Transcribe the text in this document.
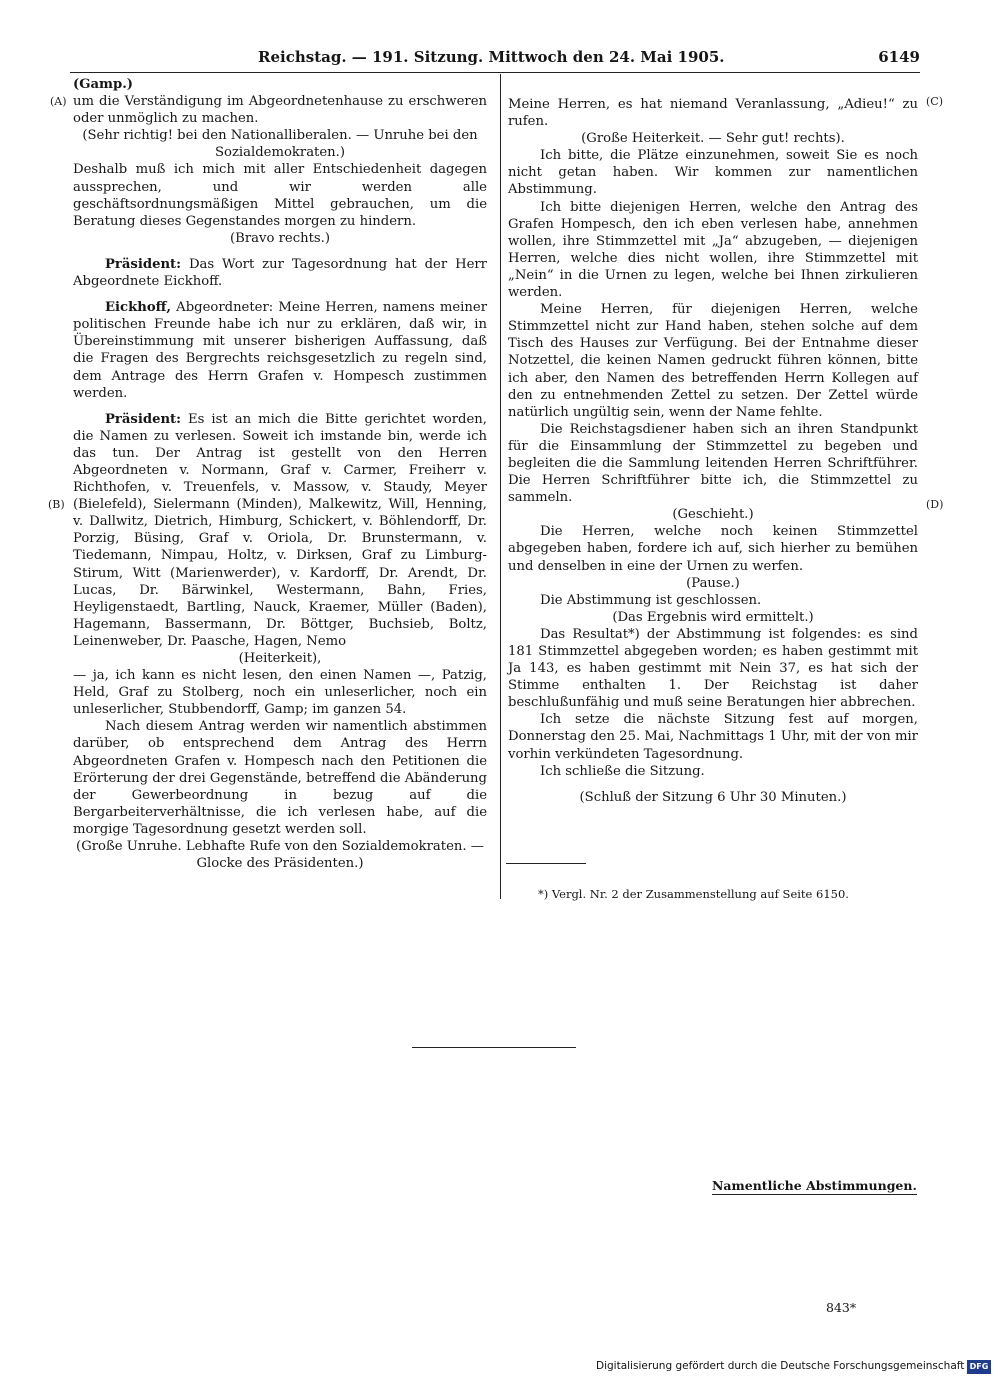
Reichstag. — 191. Sitzung. Mittwoch den 24. Mai 1905.	6149
(A)
(B)
(C)
(D)

(Gamp.)

um die Verständigung im Abgeordnetenhause zu erschweren oder unmöglich zu machen.

(Sehr richtig! bei den Nationalliberalen. — Unruhe bei den Sozialdemokraten.)

Deshalb muß ich mich mit aller Entschiedenheit dagegen aussprechen, und wir werden alle geschäftsordnungsmäßigen Mittel gebrauchen, um die Beratung dieses Gegenstandes morgen zu hindern.

(Bravo rechts.)

Präsident: Das Wort zur Tagesordnung hat der Herr Abgeordnete Eickhoff.

Eickhoff, Abgeordneter: Meine Herren, namens meiner politischen Freunde habe ich nur zu erklären, daß wir, in Übereinstimmung mit unserer bisherigen Auffassung, daß die Fragen des Bergrechts reichsgesetzlich zu regeln sind, dem Antrage des Herrn Grafen v. Hompesch zustimmen werden.

Präsident: Es ist an mich die Bitte gerichtet worden, die Namen zu verlesen. Soweit ich imstande bin, werde ich das tun. Der Antrag ist gestellt von den Herren Abgeordneten v. Normann, Graf v. Carmer, Freiherr v. Richthofen, v. Treuenfels, v. Massow, v. Staudy, Meyer (Bielefeld), Sielermann (Minden), Malkewitz, Will, Henning, v. Dallwitz, Dietrich, Himburg, Schickert, v. Böhlendorff, Dr. Porzig, Büsing, Graf v. Oriola, Dr. Brunstermann, v. Tiedemann, Nimpau, Holtz, v. Dirksen, Graf zu Limburg-Stirum, Witt (Marienwerder), v. Kardorff, Dr. Arendt, Dr. Lucas, Dr. Bärwinkel, Westermann, Bahn, Fries, Heyligenstaedt, Bartling, Nauck, Kraemer, Müller (Baden), Hagemann, Bassermann, Dr. Böttger, Buchsieb, Boltz, Leinenweber, Dr. Paasche, Hagen, Nemo

(Heiterkeit),

— ja, ich kann es nicht lesen, den einen Namen —, Patzig, Held, Graf zu Stolberg, noch ein unleserlicher, noch ein unleserlicher, Stubbendorff, Gamp; im ganzen 54.

Nach diesem Antrag werden wir namentlich abstimmen darüber, ob entsprechend dem Antrag des Herrn Abgeordneten Grafen v. Hompesch nach den Petitionen die Erörterung der drei Gegenstände, betreffend die Abänderung der Gewerbeordnung in bezug auf die Bergarbeiterverhältnisse, die ich verlesen habe, auf die morgige Tagesordnung gesetzt werden soll.

(Große Unruhe. Lebhafte Rufe von den Sozialdemokraten. — Glocke des Präsidenten.)

Meine Herren, es hat niemand Veranlassung, „Adieu!“ zu rufen.

(Große Heiterkeit. — Sehr gut! rechts).

Ich bitte, die Plätze einzunehmen, soweit Sie es noch nicht getan haben. Wir kommen zur namentlichen Abstimmung.

Ich bitte diejenigen Herren, welche den Antrag des Grafen Hompesch, den ich eben verlesen habe, annehmen wollen, ihre Stimmzettel mit „Ja“ abzugeben, — diejenigen Herren, welche dies nicht wollen, ihre Stimmzettel mit „Nein“ in die Urnen zu legen, welche bei Ihnen zirkulieren werden.

Meine Herren, für diejenigen Herren, welche Stimmzettel nicht zur Hand haben, stehen solche auf dem Tisch des Hauses zur Verfügung. Bei der Entnahme dieser Notzettel, die keinen Namen gedruckt führen können, bitte ich aber, den Namen des betreffenden Herrn Kollegen auf den zu entnehmenden Zettel zu setzen. Der Zettel würde natürlich ungültig sein, wenn der Name fehlte.

Die Reichstagsdiener haben sich an ihren Standpunkt für die Einsammlung der Stimmzettel zu begeben und begleiten die die Sammlung leitenden Herren Schriftführer. Die Herren Schriftführer bitte ich, die Stimmzettel zu sammeln.

(Geschieht.)

Die Herren, welche noch keinen Stimmzettel abgegeben haben, fordere ich auf, sich hierher zu bemühen und denselben in eine der Urnen zu werfen.

(Pause.)

Die Abstimmung ist geschlossen.

(Das Ergebnis wird ermittelt.)

Das Resultat*) der Abstimmung ist folgendes: es sind 181 Stimmzettel abgegeben worden; es haben gestimmt mit Ja 143, es haben gestimmt mit Nein 37, es hat sich der Stimme enthalten 1. Der Reichstag ist daher beschlußunfähig und muß seine Beratungen hier abbrechen.

Ich setze die nächste Sitzung fest auf morgen, Donnerstag den 25. Mai, Nachmittags 1 Uhr, mit der von mir vorhin verkündeten Tagesordnung.

Ich schließe die Sitzung.

(Schluß der Sitzung 6 Uhr 30 Minuten.)

*) Vergl. Nr. 2 der Zusammenstellung auf Seite 6150.
Namentliche Abstimmungen.
843*
Digitalisierung gefördert durch die Deutsche Forschungsgemeinschaft DFG
